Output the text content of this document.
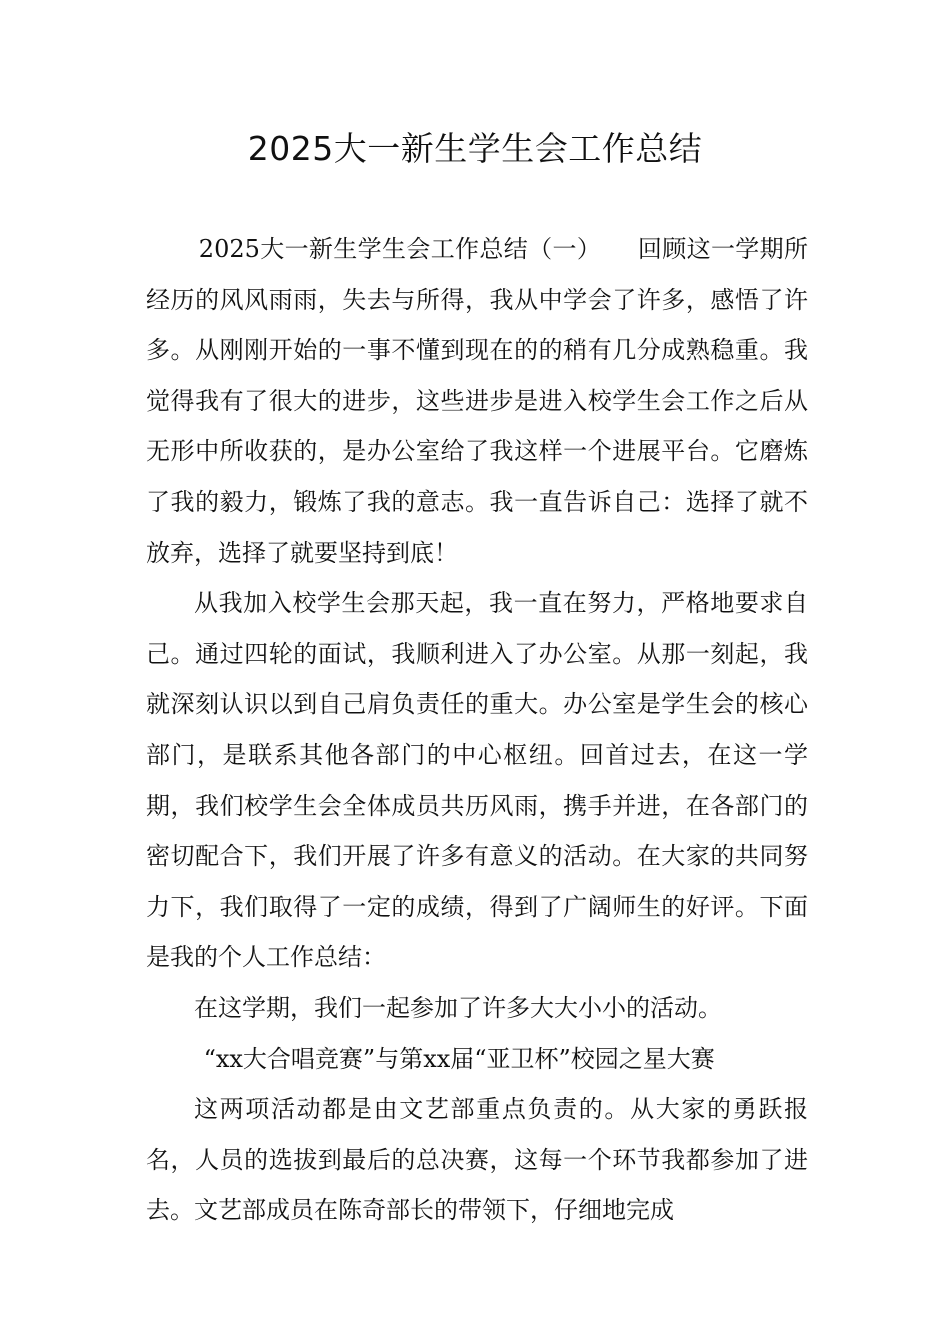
2025大一新生学生会工作总结

2025大一新生学生会工作总结（一）　　回顾这一学期所经历的风风雨雨，失去与所得，我从中学会了许多，感悟了许多。从刚刚开始的一事不懂到现在的的稍有几分成熟稳重。我觉得我有了很大的进步，这些进步是进入校学生会工作之后从无形中所收获的，是办公室给了我这样一个进展平台。它磨炼了我的毅力，锻炼了我的意志。我一直告诉自己：选择了就不放弃，选择了就要坚持到底！

从我加入校学生会那天起，我一直在努力，严格地要求自己。通过四轮的面试，我顺利进入了办公室。从那一刻起，我就深刻认识以到自己肩负责任的重大。办公室是学生会的核心部门，是联系其他各部门的中心枢纽。回首过去，在这一学期，我们校学生会全体成员共历风雨，携手并进，在各部门的密切配合下，我们开展了许多有意义的活动。在大家的共同努力下，我们取得了一定的成绩，得到了广阔师生的好评。下面是我的个人工作总结：

在这学期，我们一起参加了许多大大小小的活动。

“xx大合唱竞赛”与第xx届“亚卫杯”校园之星大赛

这两项活动都是由文艺部重点负责的。从大家的勇跃报名，人员的选拔到最后的总决赛，这每一个环节我都参加了进去。文艺部成员在陈奇部长的带领下，仔细地完成
